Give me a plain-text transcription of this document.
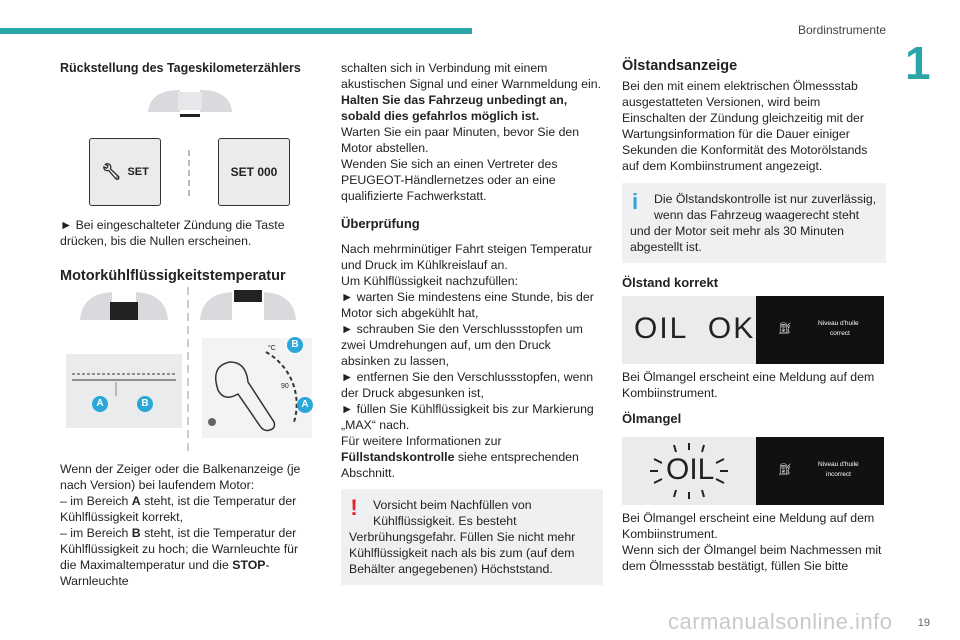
Bordinstrumente
1

Rückstellung des Tageskilometerzählers

🔧︎ SET	SET 000

► Bei eingeschalteter Zündung die Taste drücken, bis die Nullen erscheinen.

Motorkühlflüssigkeitstemperatur

°C
90
A	B
B
A

Wenn der Zeiger oder die Balkenanzeige (je nach Version) bei laufendem Motor:

– im Bereich A steht, ist die Temperatur der Kühlflüssigkeit korrekt,

– im Bereich B steht, ist die Temperatur der Kühlflüssigkeit zu hoch; die Warnleuchte für die Maximaltemperatur und die STOP-Warnleuchte

schalten sich in Verbindung mit einem akustischen Signal und einer Warnmeldung ein.

Halten Sie das Fahrzeug unbedingt an, sobald dies gefahrlos möglich ist.

Warten Sie ein paar Minuten, bevor Sie den Motor abstellen.

Wenden Sie sich an einen Vertreter des PEUGEOT-Händlernetzes oder an eine qualifizierte Fachwerkstatt.

Überprüfung

Nach mehrminütiger Fahrt steigen Temperatur und Druck im Kühlkreislauf an.

Um Kühlflüssigkeit nachzufüllen:

► warten Sie mindestens eine Stunde, bis der Motor sich abgekühlt hat,

► schrauben Sie den Verschlussstopfen um zwei Umdrehungen auf, um den Druck absinken zu lassen,

► entfernen Sie den Verschlussstopfen, wenn der Druck abgesunken ist,

► füllen Sie Kühlflüssigkeit bis zur Markierung „MAX“ nach.

Für weitere Informationen zur Füllstandskontrolle siehe entsprechenden Abschnitt.

!	Vorsicht beim Nachfüllen von Kühlflüssigkeit. Es besteht

Verbrühungsgefahr. Füllen Sie nicht mehr Kühlflüssigkeit nach als bis zum (auf dem Behälter angegebenen) Höchststand.

Ölstandsanzeige

Bei den mit einem elektrischen Ölmessstab ausgestatteten Versionen, wird beim Einschalten der Zündung gleichzeitig mit der Wartungsinformation für die Dauer einiger Sekunden die Konformität des Motorölstands auf dem Kombiinstrument angezeigt.

i	Die Ölstandskontrolle ist nur zuverlässig, wenn das Fahrzeug waagerecht steht

und der Motor seit mehr als 30 Minuten abgestellt ist.

Ölstand korrekt

OIL  OK ⛽︎	Niveau d'huile
correct

Bei Ölmangel erscheint eine Meldung auf dem Kombiinstrument.

Ölmangel

OIL	⛽︎	Niveau d'huile
incorrect

Bei Ölmangel erscheint eine Meldung auf dem Kombiinstrument.

Wenn sich der Ölmangel beim Nachmessen mit dem Ölmessstab bestätigt, füllen Sie bitte

carmanualsonline.info 19
